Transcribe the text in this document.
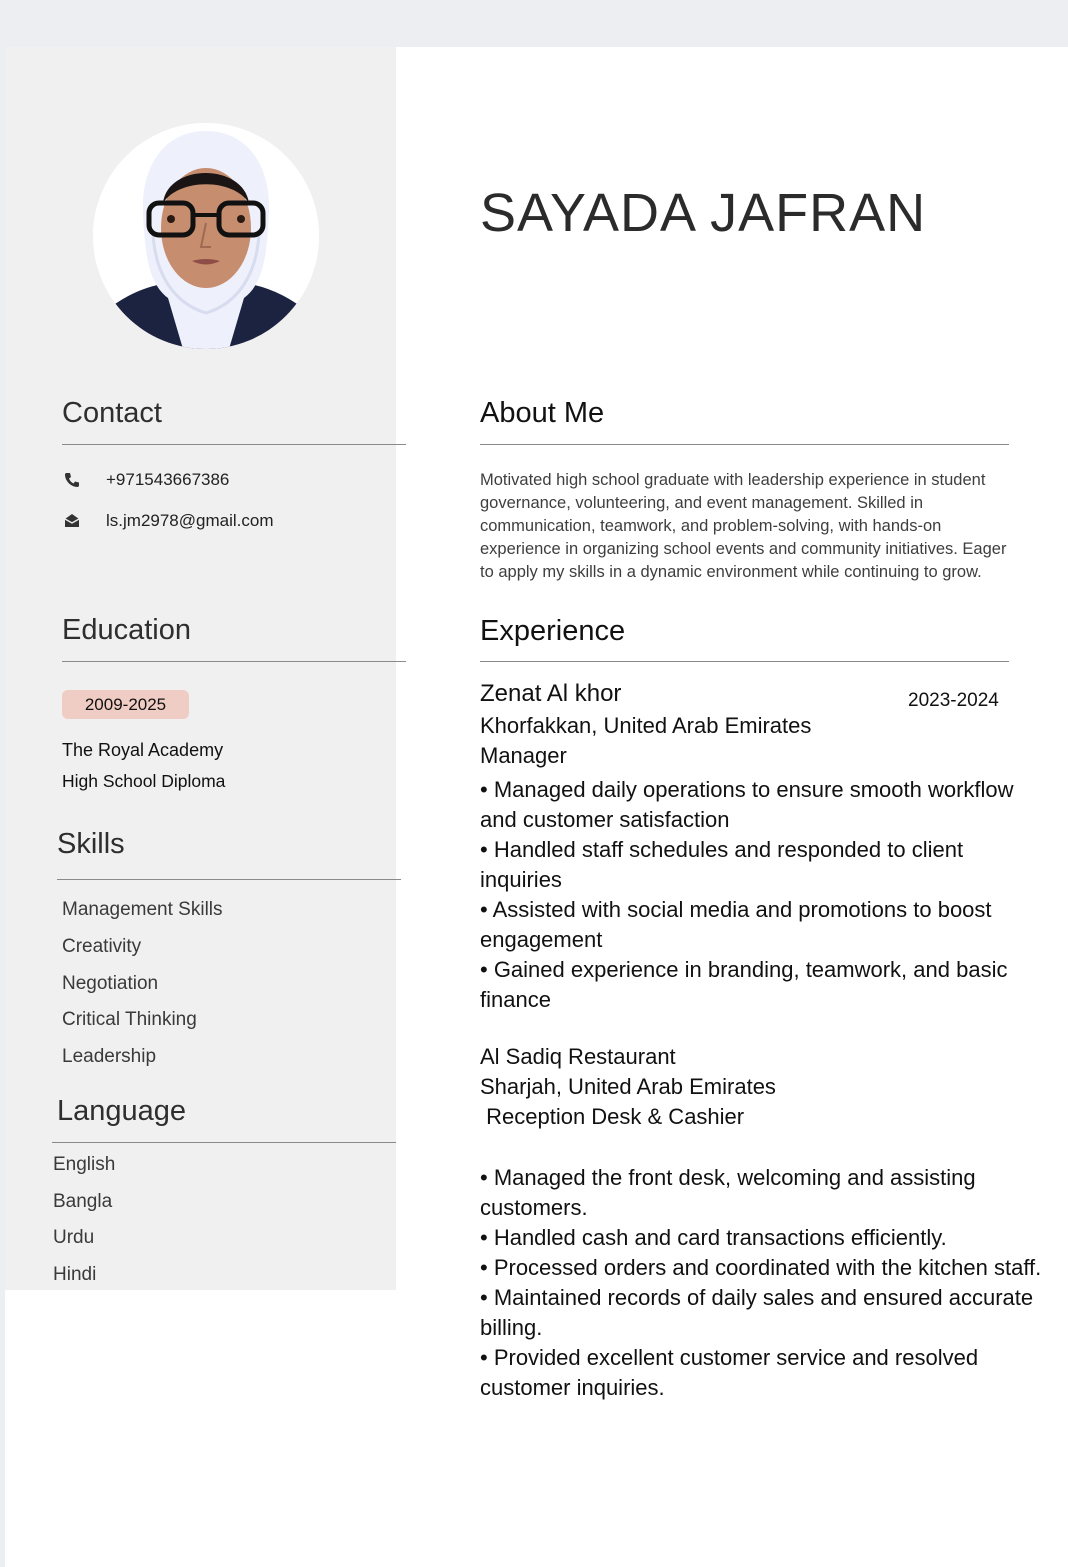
SAYADA JAFRAN
Contact
+971543667386
ls.jm2978@gmail.com
Education
2009-2025
The Royal Academy
High School Diploma
Skills
Management Skills
Creativity
Negotiation
Critical Thinking
Leadership
Language
English
Bangla
Urdu
Hindi
About Me
Motivated high school graduate with leadership experience in student governance, volunteering, and event management. Skilled in communication, teamwork, and problem-solving, with hands-on experience in organizing school events and community initiatives. Eager to apply my skills in a dynamic environment while continuing to grow.
Experience
Zenat Al khor	2023-2024
Khorfakkan, United Arab Emirates
Manager
• Managed daily operations to ensure smooth workflow and customer satisfaction
• Handled staff schedules and responded to client inquiries
• Assisted with social media and promotions to boost engagement
• Gained experience in branding, teamwork, and basic finance
Al Sadiq Restaurant
Sharjah, United Arab Emirates
Reception Desk & Cashier
• Managed the front desk, welcoming and assisting customers.
• Handled cash and card transactions efficiently.
• Processed orders and coordinated with the kitchen staff.
• Maintained records of daily sales and ensured accurate billing.
• Provided excellent customer service and resolved customer inquiries.
